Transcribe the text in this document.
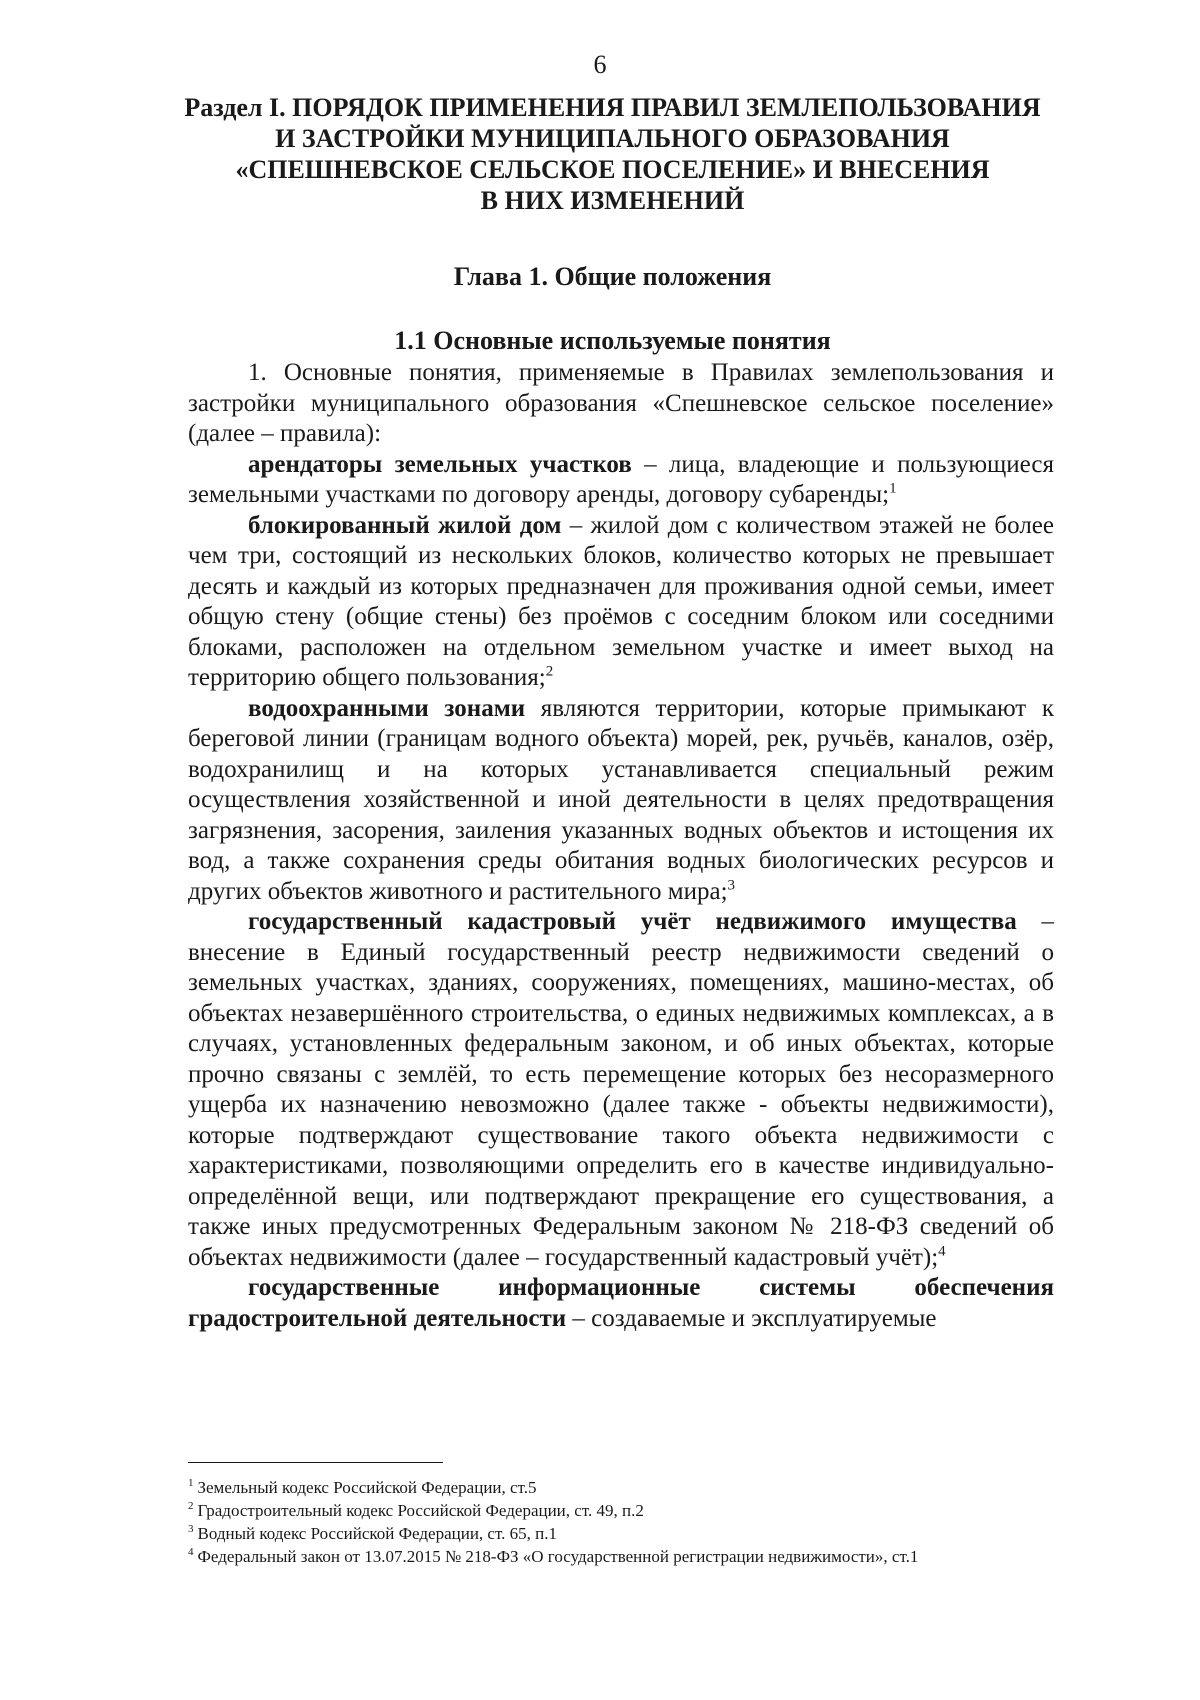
6
Раздел I. ПОРЯДОК ПРИМЕНЕНИЯ ПРАВИЛ ЗЕМЛЕПОЛЬЗОВАНИЯ
И ЗАСТРОЙКИ МУНИЦИПАЛЬНОГО ОБРАЗОВАНИЯ
«СПЕШНЕВСКОЕ СЕЛЬСКОЕ ПОСЕЛЕНИЕ» И ВНЕСЕНИЯ
В НИХ ИЗМЕНЕНИЙ
Глава 1. Общие положения
1.1 Основные используемые понятия

1. Основные понятия, применяемые в Правилах землепользования и застройки муниципального образования «Спешневское сельское поселение» (далее – правила):

арендаторы земельных участков – лица, владеющие и пользующиеся земельными участками по договору аренды, договору субаренды;$^1$

блокированный жилой дом – жилой дом с количеством этажей не более чем три, состоящий из нескольких блоков, количество которых не превышает десять и каждый из которых предназначен для проживания одной семьи, имеет общую стену (общие стены) без проёмов с соседним блоком или соседними блоками, расположен на отдельном земельном участке и имеет выход на территорию общего пользования;$^2$

водоохранными зонами являются территории, которые примыкают к береговой линии (границам водного объекта) морей, рек, ручьёв, каналов, озёр, водохранилищ и на которых устанавливается специальный режим осуществления хозяйственной и иной деятельности в целях предотвращения загрязнения, засорения, заиления указанных водных объектов и истощения их вод, а также сохранения среды обитания водных биологических ресурсов и других объектов животного и растительного мира;$^3$

государственный кадастровый учёт недвижимого имущества – внесение в Единый государственный реестр недвижимости сведений о земельных участках, зданиях, сооружениях, помещениях, машино-местах, об объектах незавершённого строительства, о единых недвижимых комплексах, а в случаях, установленных федеральным законом, и об иных объектах, которые прочно связаны с землёй, то есть перемещение которых без несоразмерного ущерба их назначению невозможно (далее также - объекты недвижимости), которые подтверждают существование такого объекта недвижимости с характеристиками, позволяющими определить его в качестве индивидуально-определённой вещи, или подтверждают прекращение его существования, а также иных предусмотренных Федеральным законом № 218-ФЗ сведений об объектах недвижимости (далее – государственный кадастровый учёт);$^4$

государственные информационные системы обеспечения градостроительной деятельности – создаваемые и эксплуатируемые

$^1$ Земельный кодекс Российской Федерации, ст.5
$^2$ Градостроительный кодекс Российской Федерации, ст. 49, п.2
$^3$ Водный кодекс Российской Федерации, ст. 65, п.1
$^4$ Федеральный закон от 13.07.2015 № 218-ФЗ «О государственной регистрации недвижимости», ст.1
